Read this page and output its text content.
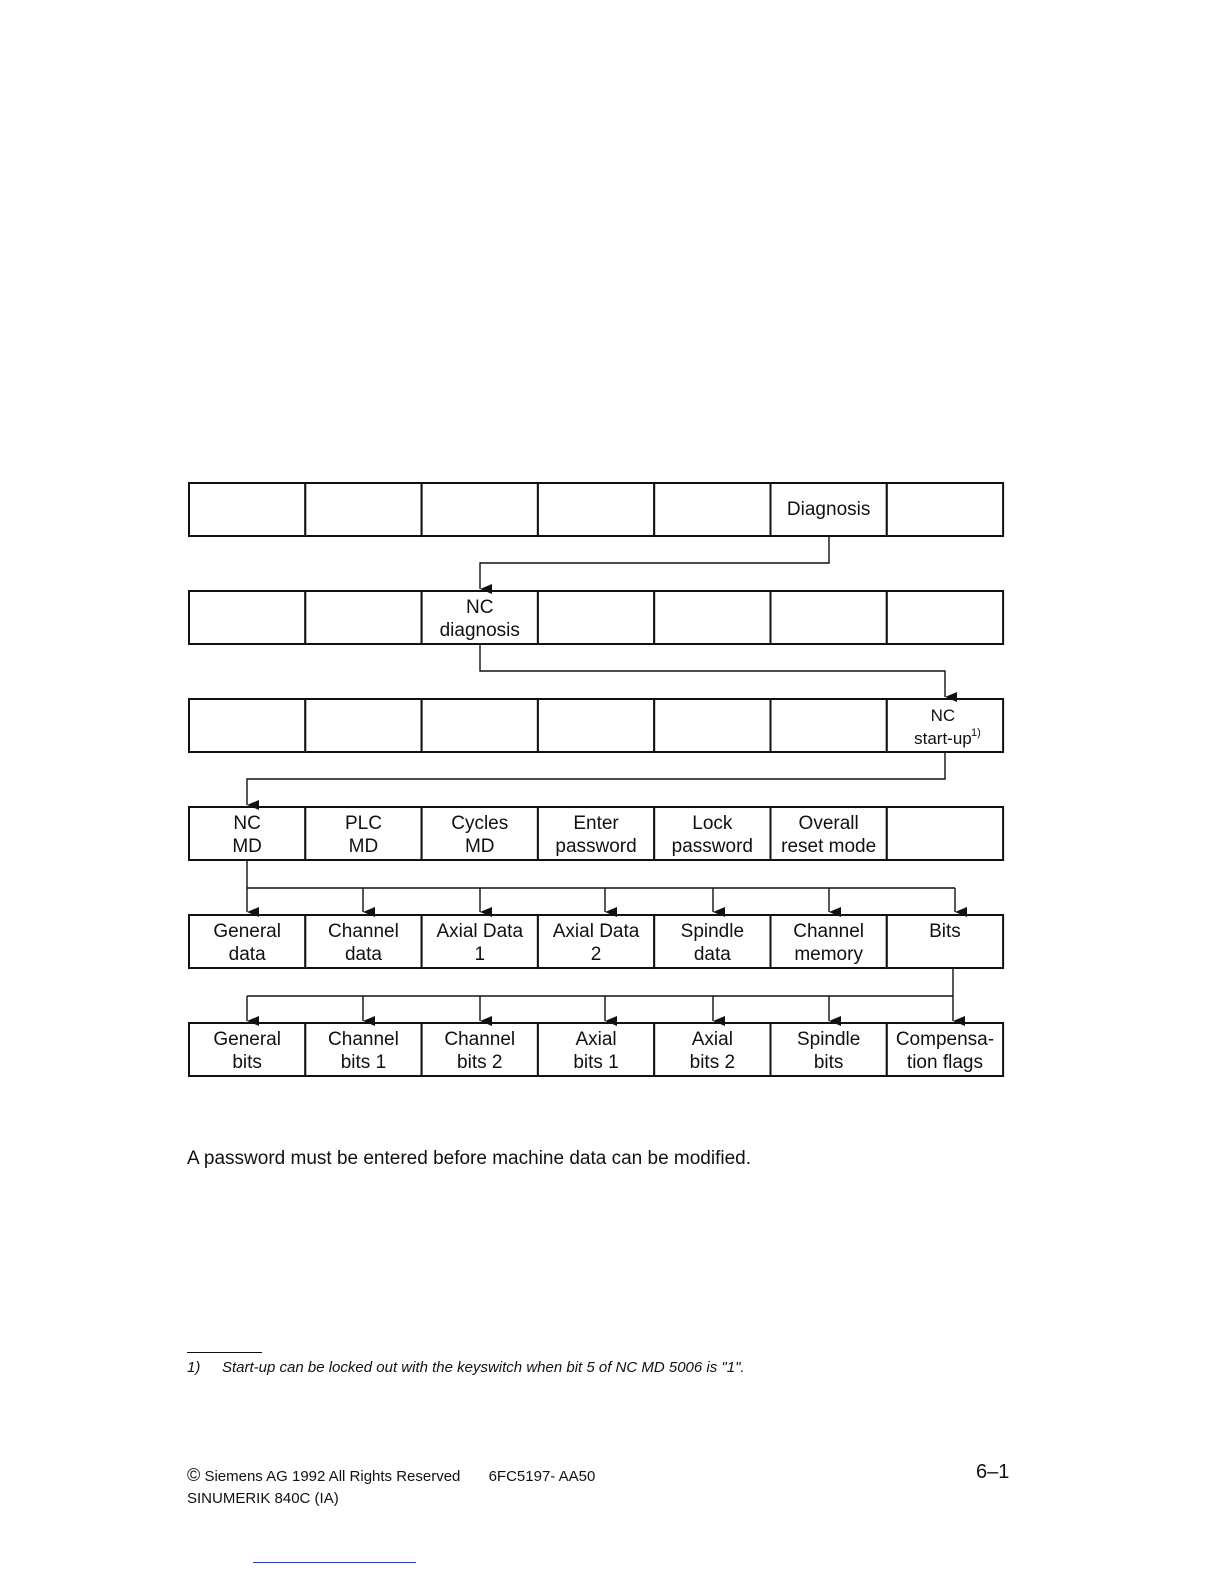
Diagnosis
NC
diagnosis
NC
start-up
NC
MD
PLC
MD
Cycles
MD
Enter
password
Lock
password
Overall
reset mode
General
data
Channel
data
Axial Data
1
Axial Data
2
Spindle
data
Channel
memory
Bits
General
bits
Channel
bits 1
Channel
bits 2
Axial
bits 1
Axial
bits 2
Spindle
bits
Compensa-
tion flags
1)
A password must be entered before machine data can be modified.
1) Start-up can be locked out with the keyswitch when bit 5 of NC MD 5006 is "1".
© Siemens AG 1992 All Rights Reserved 6FC5197- AA50
SINUMERIK 840C (IA)
6–1
